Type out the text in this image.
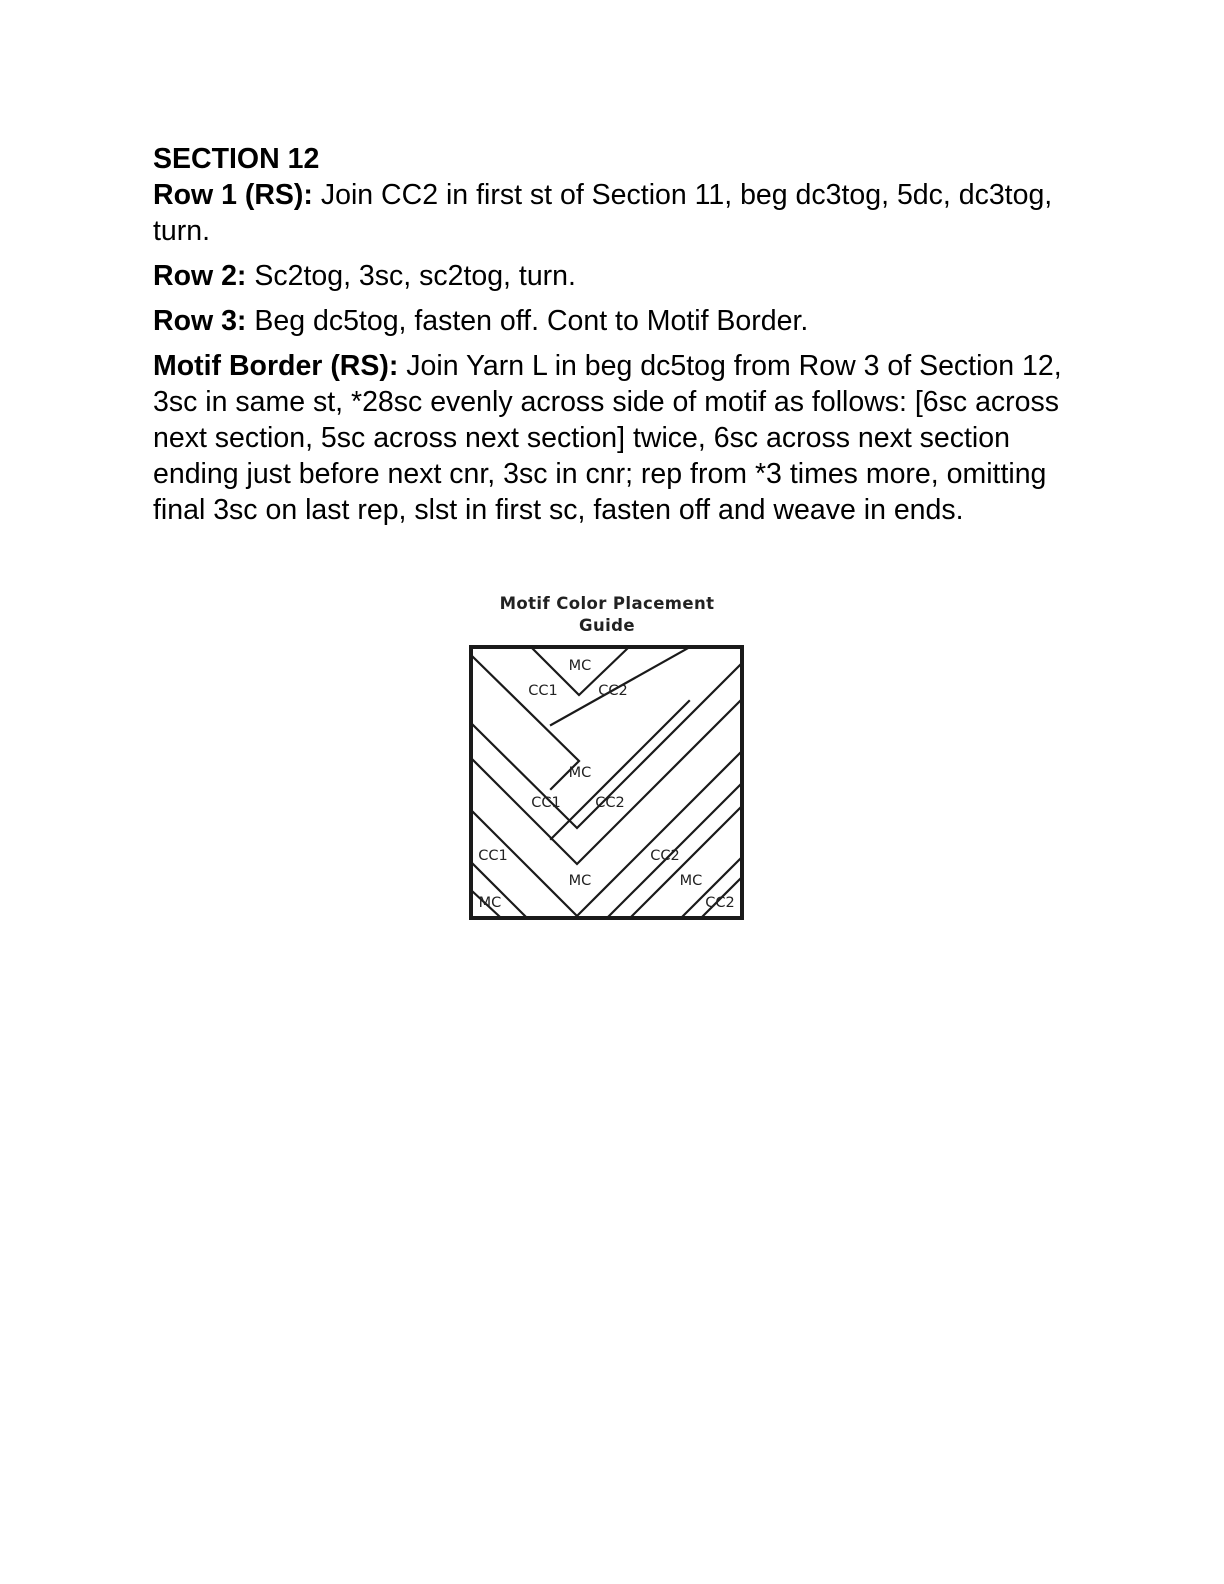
SECTION 12

Row 1 (RS): Join CC2 in first st of Section 11, beg dc3tog, 5dc, dc3tog, turn.

Row 2: Sc2tog, 3sc, sc2tog, turn.

Row 3: Beg dc5tog, fasten off. Cont to Motif Border.

Motif Border (RS): Join Yarn L in beg dc5tog from Row 3 of Section 12, 3sc in same st, *28sc evenly across side of motif as follows: [6sc across next section, 5sc across next section] twice, 6sc across next section ending just before next cnr, 3sc in cnr; rep from *3 times more, omitting final 3sc on last rep, slst in first sc, fasten off and weave in ends.

Motif Color Placement Guide
MC
CC1	CC2
MC
CC1 CC2
CC1
MC
MC
CC2
MC
CC2
